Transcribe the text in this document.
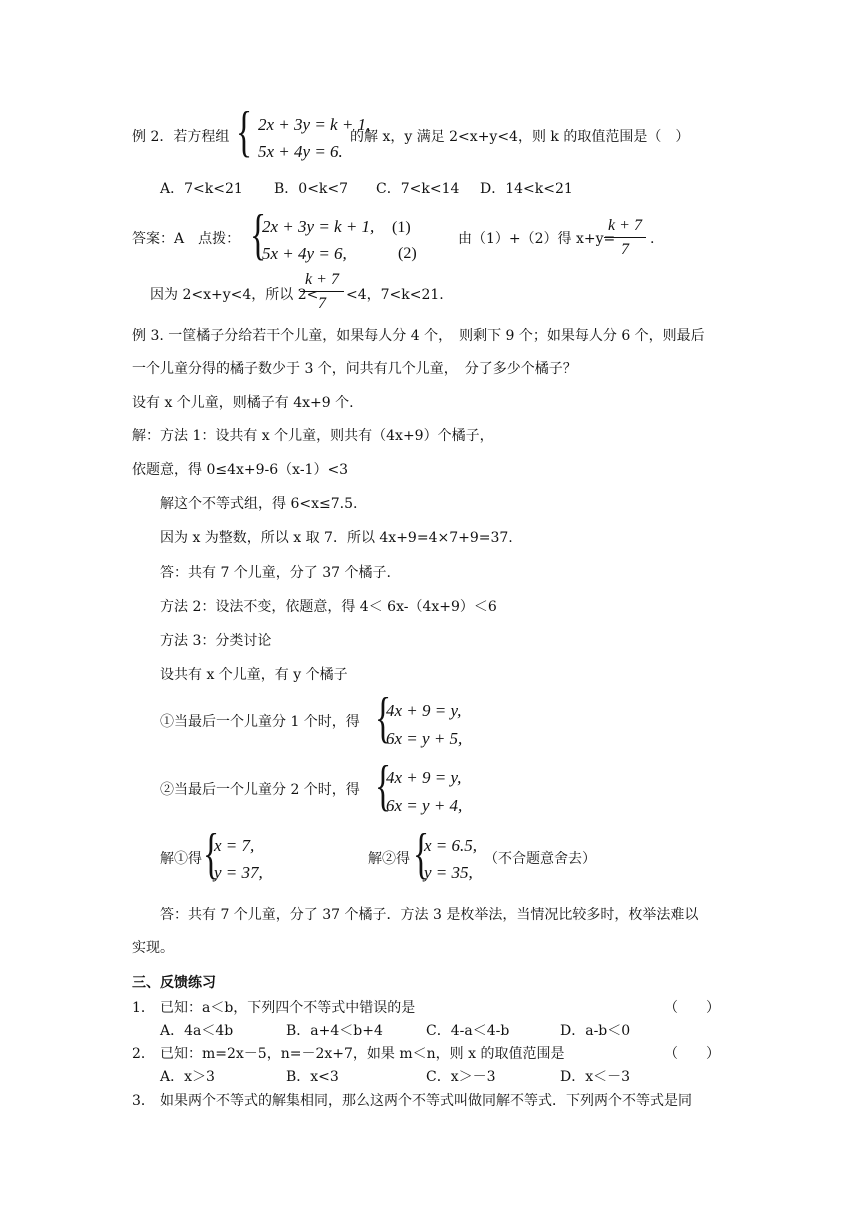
例 2．若方程组 { 2x + 3y = k + 1,
5x + 4y = 6.
的解 x，y 满足 2<x+y<4，则 k 的取值范围是（　）
A．7<k<21 B．0<k<7 C．7<k<14 D．14<k<21
答案：A　点拨： {
2x + 3y = k + 1,
5x + 4y = 6,
(1)
(2)
由（1）+（2）得 x+y=
k + 7
7
.
因为 2<x+y<4，所以 2<
k + 7
7	<4，7<k<21.
例 3. 一筐橘子分给若干个儿童，如果每人分 4 个，　则剩下 9 个；如果每人分 6 个，则最后
一个儿童分得的橘子数少于 3 个，问共有几个儿童，　分了多少个橘子？
设有 x 个儿童，则橘子有 4x+9 个.
解：方法 1：设共有 x 个儿童，则共有（4x+9）个橘子，
依题意，得 0≤4x+9-6（x-1）<3
解这个不等式组，得 6<x≤7.5.
因为 x 为整数，所以 x 取 7．所以 4x+9=4×7+9=37.
答：共有 7 个儿童，分了 37 个橘子.
方法 2：设法不变，依题意，得 4＜ 6x-（4x+9）＜6
方法 3：分类讨论
设共有 x 个儿童，有 y 个橘子
①当最后一个儿童分 1 个时，得 {
4x + 9 = y,
6x = y + 5,
②当最后一个儿童分 2 个时，得 {
4x + 9 = y,
6x = y + 4,
解①得 {
x = 7,
y = 37,
解②得 {
x = 6.5,
y = 35,
（不合题意舍去）
答：共有 7 个儿童，分了 37 个橘子．方法 3 是枚举法，当情况比较多时，枚举法难以
实现。
三、反馈练习
1． 已知：a＜b，下列四个不等式中错误的是	（　　）
A．4a＜4b	B．a+4＜b+4	C．4-a＜4-b	D．a-b＜0
2． 已知：m=2x－5，n=－2x+7，如果 m＜n，则 x 的取值范围是	（　　）
A．x＞3	B．x<3	C．x＞－3	D．x＜－3
3． 如果两个不等式的解集相同，那么这两个不等式叫做同解不等式．下列两个不等式是同
